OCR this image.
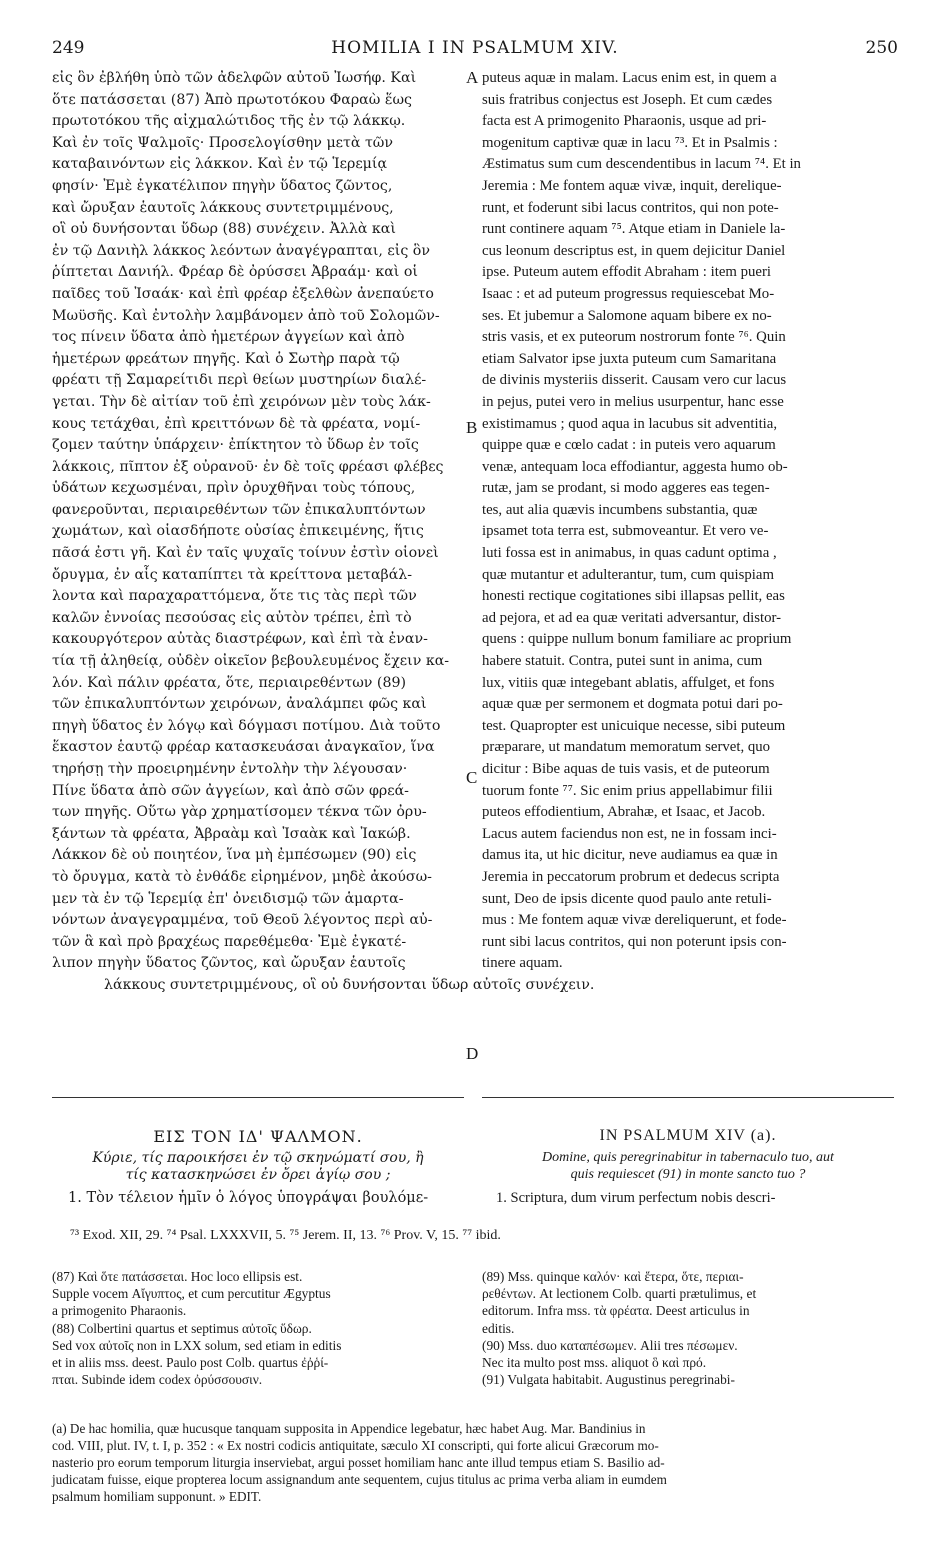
249	HOMILIA I IN PSALMUM XIV.	250
εἰς ὃν ἐβλήθη ὑπὸ τῶν ἀδελφῶν αὐτοῦ Ἰωσήφ. Καὶ
ὅτε πατάσσεται (87) Ἀπὸ πρωτοτόκου Φαραὼ ἕως
πρωτοτόκου τῆς αἰχμαλώτιδος τῆς ἐν τῷ λάκκῳ.
Καὶ ἐν τοῖς Ψαλμοῖς· Προσελογίσθην μετὰ τῶν
καταβαινόντων εἰς λάκκον. Καὶ ἐν τῷ Ἱερεμίᾳ
φησίν· Ἐμὲ ἐγκατέλιπον πηγὴν ὕδατος ζῶντος,
καὶ ὤρυξαν ἑαυτοῖς λάκκους συντετριμμένους,
οἳ οὐ δυνήσονται ὕδωρ (88) συνέχειν. Ἀλλὰ καὶ
ἐν τῷ Δανιὴλ λάκκος λεόντων ἀναγέγραπται, εἰς ὃν
ῥίπτεται Δανιήλ. Φρέαρ δὲ ὀρύσσει Ἀβραάμ· καὶ οἱ
παῖδες τοῦ Ἰσαάκ· καὶ ἐπὶ φρέαρ ἐξελθὼν ἀνεπαύετο
Μωϋσῆς. Καὶ ἐντολὴν λαμβάνομεν ἀπὸ τοῦ Σολομῶν-
τος πίνειν ὕδατα ἀπὸ ἡμετέρων ἀγγείων καὶ ἀπὸ
ἡμετέρων φρεάτων πηγῆς. Καὶ ὁ Σωτὴρ παρὰ τῷ
φρέατι τῇ Σαμαρείτιδι περὶ θείων μυστηρίων διαλέ-
γεται. Τὴν δὲ αἰτίαν τοῦ ἐπὶ χειρόνων μὲν τοὺς λάκ-
κους τετάχθαι, ἐπὶ κρειττόνων δὲ τὰ φρέατα, νομί-
ζομεν ταύτην ὑπάρχειν· ἐπίκτητον τὸ ὕδωρ ἐν τοῖς
λάκκοις, πῖπτον ἐξ οὐρανοῦ· ἐν δὲ τοῖς φρέασι φλέβες
ὑδάτων κεχωσμέναι, πρὶν ὀρυχθῆναι τοὺς τόπους,
φανεροῦνται, περιαιρεθέντων τῶν ἐπικαλυπτόντων
χωμάτων, καὶ οἱασδήποτε οὐσίας ἐπικειμένης, ἥτις
πᾶσά ἐστι γῆ. Καὶ ἐν ταῖς ψυχαῖς τοίνυν ἐστὶν οἱονεὶ
ὄρυγμα, ἐν αἷς καταπίπτει τὰ κρείττονα μεταβάλ-
λοντα καὶ παραχαραττόμενα, ὅτε τις τὰς περὶ τῶν
καλῶν ἐννοίας πεσούσας εἰς αὐτὸν τρέπει, ἐπὶ τὸ
κακουργότερον αὐτὰς διαστρέφων, καὶ ἐπὶ τὰ ἐναν-
τία τῇ ἀληθείᾳ, οὐδὲν οἰκεῖον βεβουλευμένος ἔχειν κα-
λόν. Καὶ πάλιν φρέατα, ὅτε, περιαιρεθέντων (89)
τῶν ἐπικαλυπτόντων χειρόνων, ἀναλάμπει φῶς καὶ
πηγὴ ὕδατος ἐν λόγῳ καὶ δόγμασι ποτίμου. Διὰ τοῦτο
ἕκαστον ἑαυτῷ φρέαρ κατασκευάσαι ἀναγκαῖον, ἵνα
τηρήσῃ τὴν προειρημένην ἐντολὴν τὴν λέγουσαν·
Πίνε ὕδατα ἀπὸ σῶν ἀγγείων, καὶ ἀπὸ σῶν φρεά-
των πηγῆς. Οὕτω γὰρ χρηματίσομεν τέκνα τῶν ὀρυ-
ξάντων τὰ φρέατα, Ἀβραὰμ καὶ Ἰσαὰκ καὶ Ἰακώβ.
Λάκκον δὲ οὐ ποιητέον, ἵνα μὴ ἐμπέσωμεν (90) εἰς
τὸ ὄρυγμα, κατὰ τὸ ἐνθάδε εἰρημένον, μηδὲ ἀκούσω-
μεν τὰ ἐν τῷ Ἱερεμίᾳ ἐπ' ὀνειδισμῷ τῶν ἁμαρτα-
νόντων ἀναγεγραμμένα, τοῦ Θεοῦ λέγοντος περὶ αὐ-
τῶν ἃ καὶ πρὸ βραχέως παρεθέμεθα· Ἐμὲ ἐγκατέ-
λιπον πηγὴν ὕδατος ζῶντος, καὶ ὤρυξαν ἑαυτοῖς
λάκκους συντετριμμένους, οἳ οὐ δυνήσονται ὕδωρ αὐτοῖς συνέχειν.
puteus aquæ in malam. Lacus enim est, in quem a
suis fratribus conjectus est Joseph. Et cum cædes
facta est A primogenito Pharaonis, usque ad pri-
mogenitum captivæ quæ in lacu ⁷³. Et in Psalmis :
Æstimatus sum cum descendentibus in lacum ⁷⁴. Et in
Jeremia : Me fontem aquæ vivæ, inquit, dereliquе-
runt, et foderunt sibi lacus contritos, qui non pote-
runt continere aquam ⁷⁵. Atque etiam in Daniele la-
cus leonum descriptus est, in quem dejicitur Daniel
ipse. Puteum autem effodit Abraham : item pueri
Isaac : et ad puteum progressus requiescebat Mo-
ses. Et jubemur a Salomone aquam bibere ex no-
stris vasis, et ex puteorum nostrorum fonte ⁷⁶. Quin
etiam Salvator ipse juxta puteum cum Samaritana
de divinis mysteriis disserit. Causam vero cur lacus
in pejus, putei vero in melius usurpentur, hanc esse
existimamus ; quod aqua in lacubus sit adventitia,
quippe quæ e cœlo cadat : in puteis vero aquarum
venæ, antequam loca effodiantur, aggesta humo ob-
rutæ, jam se prodant, si modo aggeres eas tegen-
tes, aut alia quævis incumbens substantia, quæ
ipsamet tota terra est, submoveantur. Et vero ve-
luti fossa est in animabus, in quas cadunt optima ,
quæ mutantur et adulterantur, tum, cum quispiam
honesti rectique cogitationes sibi illapsas pellit, eas
ad pejora, et ad ea quæ veritati adversantur, distor-
quens : quippe nullum bonum familiare ac proprium
habere statuit. Contra, putei sunt in anima, cum
lux, vitiis quæ integebant ablatis, affulget, et fons
aquæ quæ per sermonem et dogmata potui dari po-
test. Quapropter est unicuique necesse, sibi puteum
præparare, ut mandatum memoratum servet, quo
dicitur : Bibe aquas de tuis vasis, et de puteorum
tuorum fonte ⁷⁷. Sic enim prius appellabimur filii
puteos effodientium, Abrahæ, et Isaac, et Jacob.
Lacus autem faciendus non est, ne in fossam inci-
damus ita, ut hic dicitur, neve audiamus ea quæ in
Jeremia in peccatorum probrum et dedecus scripta
sunt, Deo de ipsis dicente quod paulo ante retuli-
mus : Me fontem aquæ vivæ dereliquerunt, et fode-
runt sibi lacus contritos, qui non poterunt ipsis con-
tinere aquam.
A
B
C
D
ΕΙΣ ΤΟΝ ΙΔ' ΨΑΛΜΟΝ.
Κύριε, τίς παροικήσει ἐν τῷ σκηνώματί σου, ἢ
τίς κατασκηνώσει ἐν ὄρει ἁγίῳ σου ;
IN PSALMUM XIV (a).
Domine, quis peregrinabitur in tabernaculo tuo, aut
quis requiescet (91) in monte sancto tuo ?
1. Τὸν τέλειον ἡμῖν ὁ λόγος ὑπογράψαι βουλόμε-	1. Scriptura, dum virum perfectum nobis descri-
⁷³ Exod. XII, 29. ⁷⁴ Psal. LXXXVII, 5. ⁷⁵ Jerem. II, 13. ⁷⁶ Prov. V, 15. ⁷⁷ ibid.
(87) Καὶ ὅτε πατάσσεται. Hoc loco ellipsis est.
Supple vocem Αἴγυπτος, et cum percutitur Ægyptus
a primogenito Pharaonis.
(88) Colbertini quartus et septimus αὐτοῖς ὕδωρ.
Sed vox αὐτοῖς non in LXX solum, sed etiam in editis
et in aliis mss. deest. Paulo post Colb. quartus ἐῤῥί-
πται. Subinde idem codex ὀρύσσουσιν.
(89) Mss. quinque καλόν· καὶ ἕτερα, ὅτε, περιαι-
ρεθέντων. At lectionem Colb. quarti prætulimus, et
editorum. Infra mss. τὰ φρέατα. Deest articulus in
editis.
(90) Mss. duo καταπέσωμεν. Alii tres πέσωμεν.
Nec ita multo post mss. aliquot ὃ καὶ πρό.
(91) Vulgata habitabit. Augustinus peregrinabi-
(a) De hac homilia, quæ hucusque tanquam supposita in Appendice legebatur, hæc habet Aug. Mar. Bandinius in
cod. VIII, plut. IV, t. I, p. 352 : « Ex nostri codicis antiquitate, sæculo XI conscripti, qui forte alicui Græcorum mo-
nasterio pro eorum temporum liturgia inserviebat, argui posset homiliam hanc ante illud tempus etiam S. Basilio ad-
judicatam fuisse, eique propterea locum assignandum ante sequentem, cujus titulus ac prima verba aliam in eumdem
psalmum homiliam supponunt. » EDIT.
